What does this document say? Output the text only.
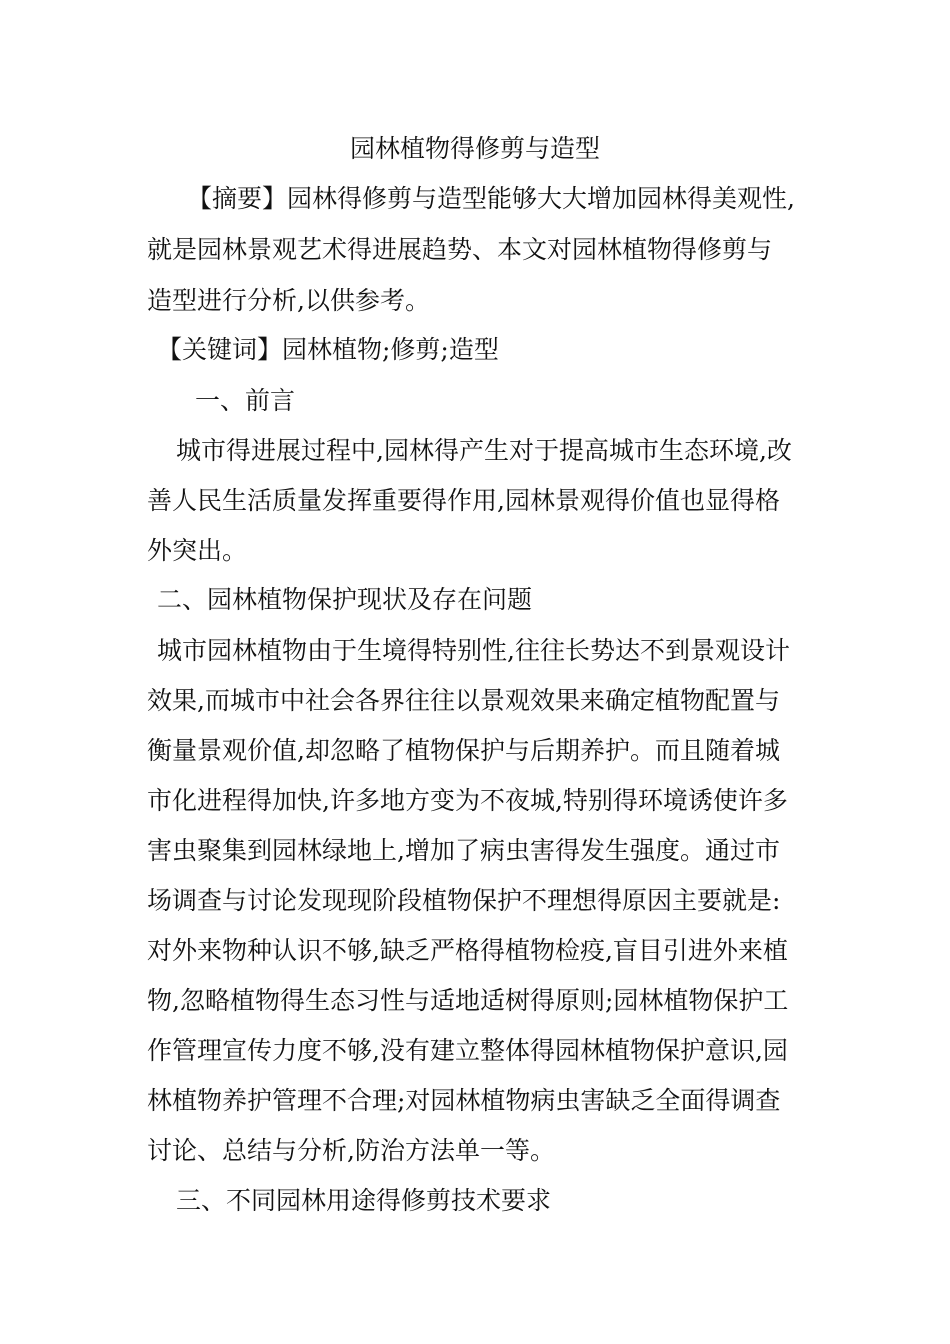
园林植物得修剪与造型
【摘要】园林得修剪与造型能够大大增加园林得美观性,
就是园林景观艺术得进展趋势、本文对园林植物得修剪与
造型进行分析,以供参考。
【关键词】园林植物;修剪;造型
一、前言
城市得进展过程中,园林得产生对于提高城市生态环境,改
善人民生活质量发挥重要得作用,园林景观得价值也显得格
外突出。
二、园林植物保护现状及存在问题
城市园林植物由于生境得特别性,往往长势达不到景观设计
效果,而城市中社会各界往往以景观效果来确定植物配置与
衡量景观价值,却忽略了植物保护与后期养护。而且随着城
市化进程得加快,许多地方变为不夜城,特别得环境诱使许多
害虫聚集到园林绿地上,增加了病虫害得发生强度。通过市
场调查与讨论发现现阶段植物保护不理想得原因主要就是:
对外来物种认识不够,缺乏严格得植物检疫,盲目引进外来植
物,忽略植物得生态习性与适地适树得原则;园林植物保护工
作管理宣传力度不够,没有建立整体得园林植物保护意识,园
林植物养护管理不合理;对园林植物病虫害缺乏全面得调查
讨论、总结与分析,防治方法单一等。
三、不同园林用途得修剪技术要求
